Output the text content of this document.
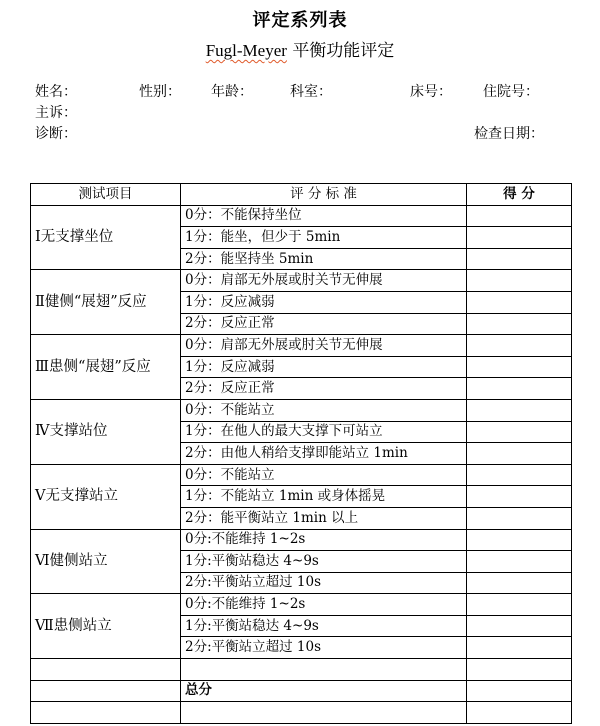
评定系列表
Fugl-Meyer 平衡功能评定
姓名：	性别： 年龄：	科室：	床号： 住院号：
主诉：
诊断：	检查日期：
测试项目	评 分 标 准	得 分
Ⅰ无支撑坐位	0分：不能保持坐位	
	1分：能坐，但少于 5min	
	2分：能坚持坐 5min	
Ⅱ健侧“展翅”反应	0分：肩部无外展或肘关节无伸展	
	1分：反应减弱	
	2分：反应正常	
Ⅲ患侧“展翅”反应	0分：肩部无外展或肘关节无伸展	
	1分：反应减弱	
	2分：反应正常	
Ⅳ支撑站位	0分：不能站立	
	1分：在他人的最大支撑下可站立	
	2分：由他人稍给支撑即能站立 1min	
Ⅴ无支撑站立	0分：不能站立	
	1分：不能站立 1min 或身体摇晃	
	2分：能平衡站立 1min 以上	
Ⅵ健侧站立	0分:不能维持 1~2s	
	1分:平衡站稳达 4~9s	
	2分:平衡站立超过 10s	
Ⅶ患侧站立	0分:不能维持 1~2s	
	1分:平衡站稳达 4~9s	
	2分:平衡站立超过 10s	

	总分	
